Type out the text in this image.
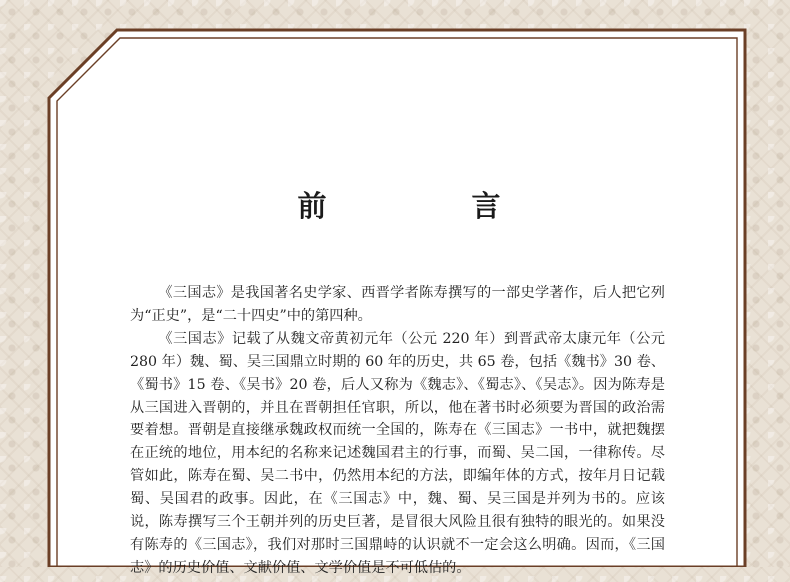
前　言

《三国志》是我国著名史学家、西晋学者陈寿撰写的一部史学著作，后人把它列为“正史”，是“二十四史”中的第四种。

《三国志》记载了从魏文帝黄初元年（公元 220 年）到晋武帝太康元年（公元 280 年）魏、蜀、吴三国鼎立时期的 60 年的历史，共 65 卷，包括《魏书》30 卷、《蜀书》15 卷、《吴书》20 卷，后人又称为《魏志》、《蜀志》、《吴志》。因为陈寿是从三国进入晋朝的，并且在晋朝担任官职，所以，他在著书时必须要为晋国的政治需要着想。晋朝是直接继承魏政权而统一全国的，陈寿在《三国志》一书中，就把魏摆在正统的地位，用本纪的名称来记述魏国君主的行事，而蜀、吴二国，一律称传。尽管如此，陈寿在蜀、吴二书中，仍然用本纪的方法，即编年体的方式，按年月日记载蜀、吴国君的政事。因此，在《三国志》中，魏、蜀、吴三国是并列为书的。应该说，陈寿撰写三个王朝并列的历史巨著，是冒很大风险且很有独特的眼光的。如果没有陈寿的《三国志》，我们对那时三国鼎峙的认识就不一定会这么明确。因而，《三国志》的历史价值、文献价值、文学价值是不可低估的。
